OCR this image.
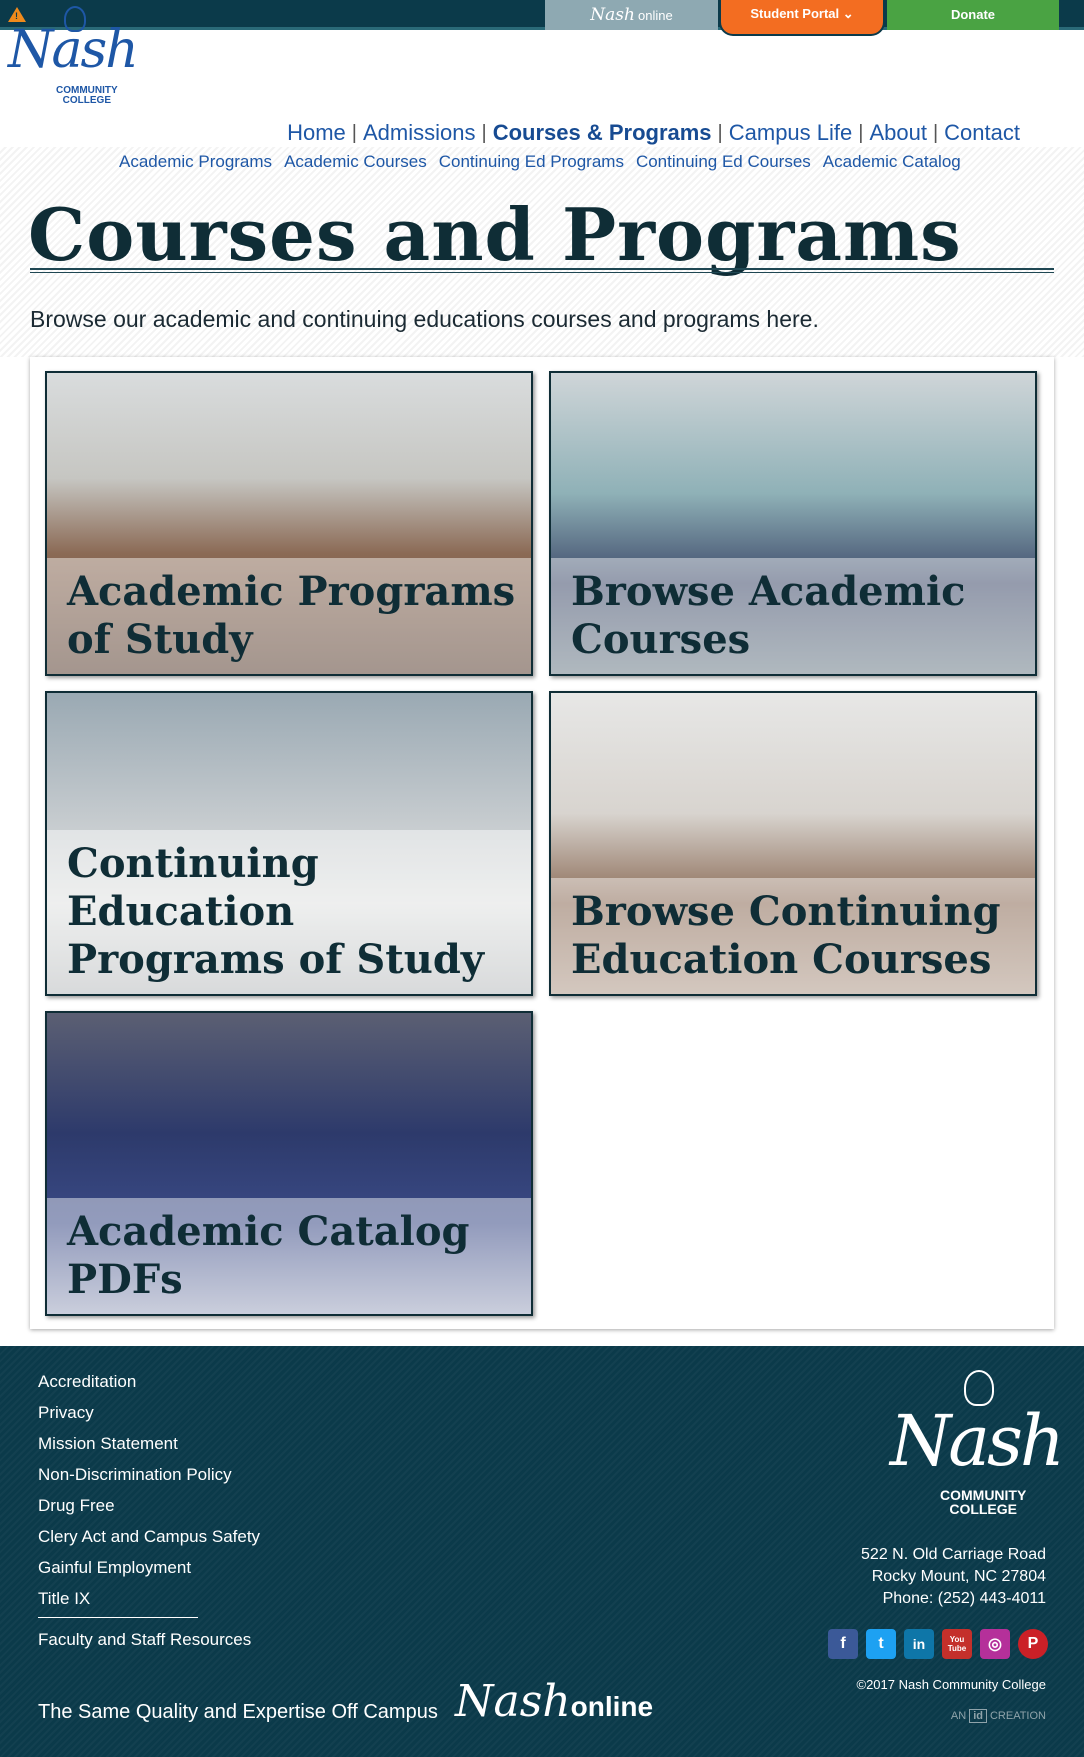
!	Nash online	Student Portal ⌄	Donate
Nash
COMMUNITY
COLLEGE
Home | Admissions | Courses & Programs | Campus Life | About | Contact
Academic Programs Academic Courses Continuing Ed Programs Continuing Ed Courses Academic Catalog
Courses and Programs

Browse our academic and continuing educations courses and programs here.

Academic Programs of Study
Browse Academic Courses
Continuing Education Programs of Study
Browse Continuing Education Courses
Academic Catalog PDFs
Accreditation
Privacy
Mission Statement
Non-Discrimination Policy
Drug Free
Clery Act and Campus Safety
Gainful Employment
Title IX
Faculty and Staff Resources
The Same Quality and Expertise Off Campus Nashonline
Nash
COMMUNITY
COLLEGE
522 N. Old Carriage Road
Rocky Mount, NC 27804
Phone: (252) 443-4011
f	t	in	You Tube	◎	P
©2017 Nash Community College
AN id CREATION
